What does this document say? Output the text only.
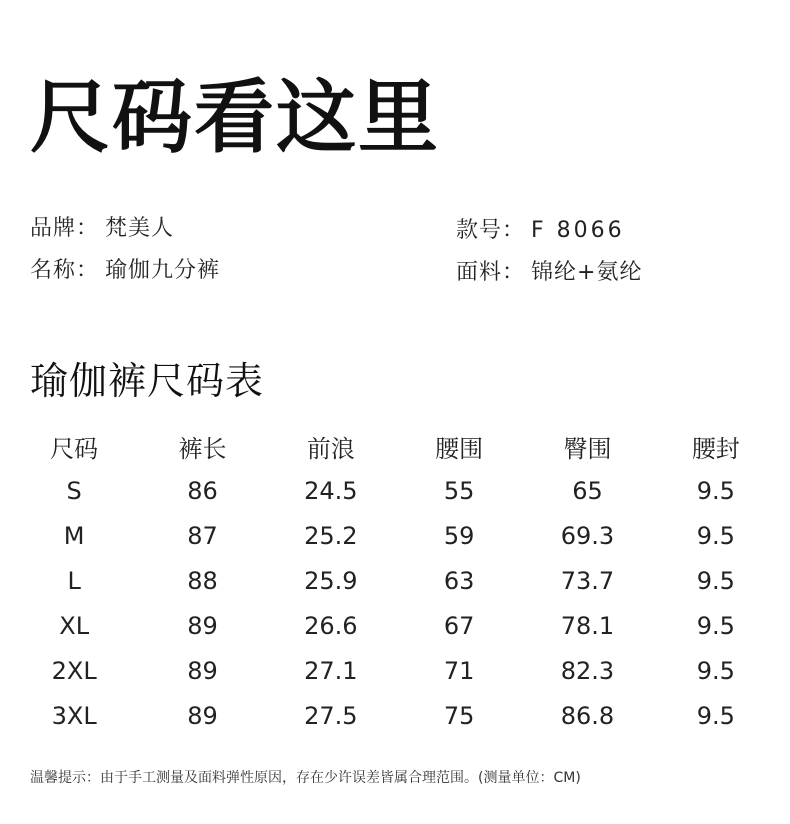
尺码看这里
品牌： 梵美人	款号： F 8066
名称： 瑜伽九分裤	面料： 锦纶+氨纶
瑜伽裤尺码表
尺码	裤长	前浪	腰围	臀围	腰封
S	86	24.5	55	65	9.5
M	87	25.2	59	69.3	9.5
L	88	25.9	63	73.7	9.5
XL	89	26.6	67	78.1	9.5
2XL	89	27.1	71	82.3	9.5
3XL	89	27.5	75	86.8	9.5
温馨提示：由于手工测量及面料弹性原因，存在少许误差皆属合理范围。(测量单位：CM)
